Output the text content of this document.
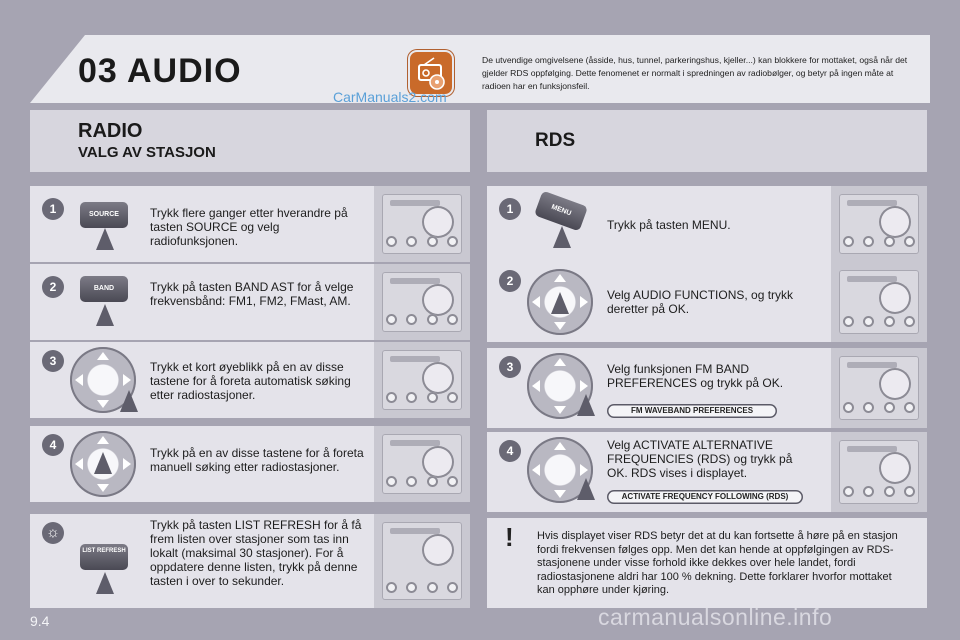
03 AUDIO
CarManuals2.com
De utvendige omgivelsene (åsside, hus, tunnel, parkeringshus, kjeller...) kan blokkere for mottaket, også når det gjelder RDS oppfølging. Dette fenomenet er normalt i spredningen av radiobølger, og betyr på ingen måte at radioen har en funksjonsfeil.
RADIO
VALG AV STASJON
RDS
1	SOURCE	Trykk flere ganger etter hverandre på tasten SOURCE og velg radiofunksjonen.
2	BAND	Trykk på tasten BAND AST for å velge frekvensbånd: FM1, FM2, FMast, AM.
3	Trykk et kort øyeblikk på en av disse tastene for å foreta automatisk søking etter radiostasjoner.
4
Trykk på en av disse tastene for å foreta manuell søking etter radiostasjoner.
☼
LIST REFRESH
Trykk på tasten LIST REFRESH for å få frem listen over stasjoner som tas inn lokalt (maksimal 30 stasjoner). For å oppdatere denne listen, trykk på denne tasten i over to sekunder.
1	MENU
Trykk på tasten MENU.
2
Velg AUDIO FUNCTIONS, og trykk deretter på OK.
3	Velg funksjonen FM BAND PREFERENCES og trykk på OK.
FM WAVEBAND PREFERENCES
4	Velg ACTIVATE ALTERNATIVE FREQUENCIES (RDS) og trykk på OK. RDS vises i displayet.
ACTIVATE FREQUENCY FOLLOWING (RDS)
! Hvis displayet viser RDS betyr det at du kan fortsette å høre på en stasjon fordi frekvensen følges opp. Men det kan hende at oppfølgingen av RDS-stasjonene under visse forhold ikke dekkes over hele landet, fordi radiostasjonene aldri har 100 % dekning. Dette forklarer hvorfor mottaket kan opphøre under kjøring.
9.4	carmanualsonline.info
